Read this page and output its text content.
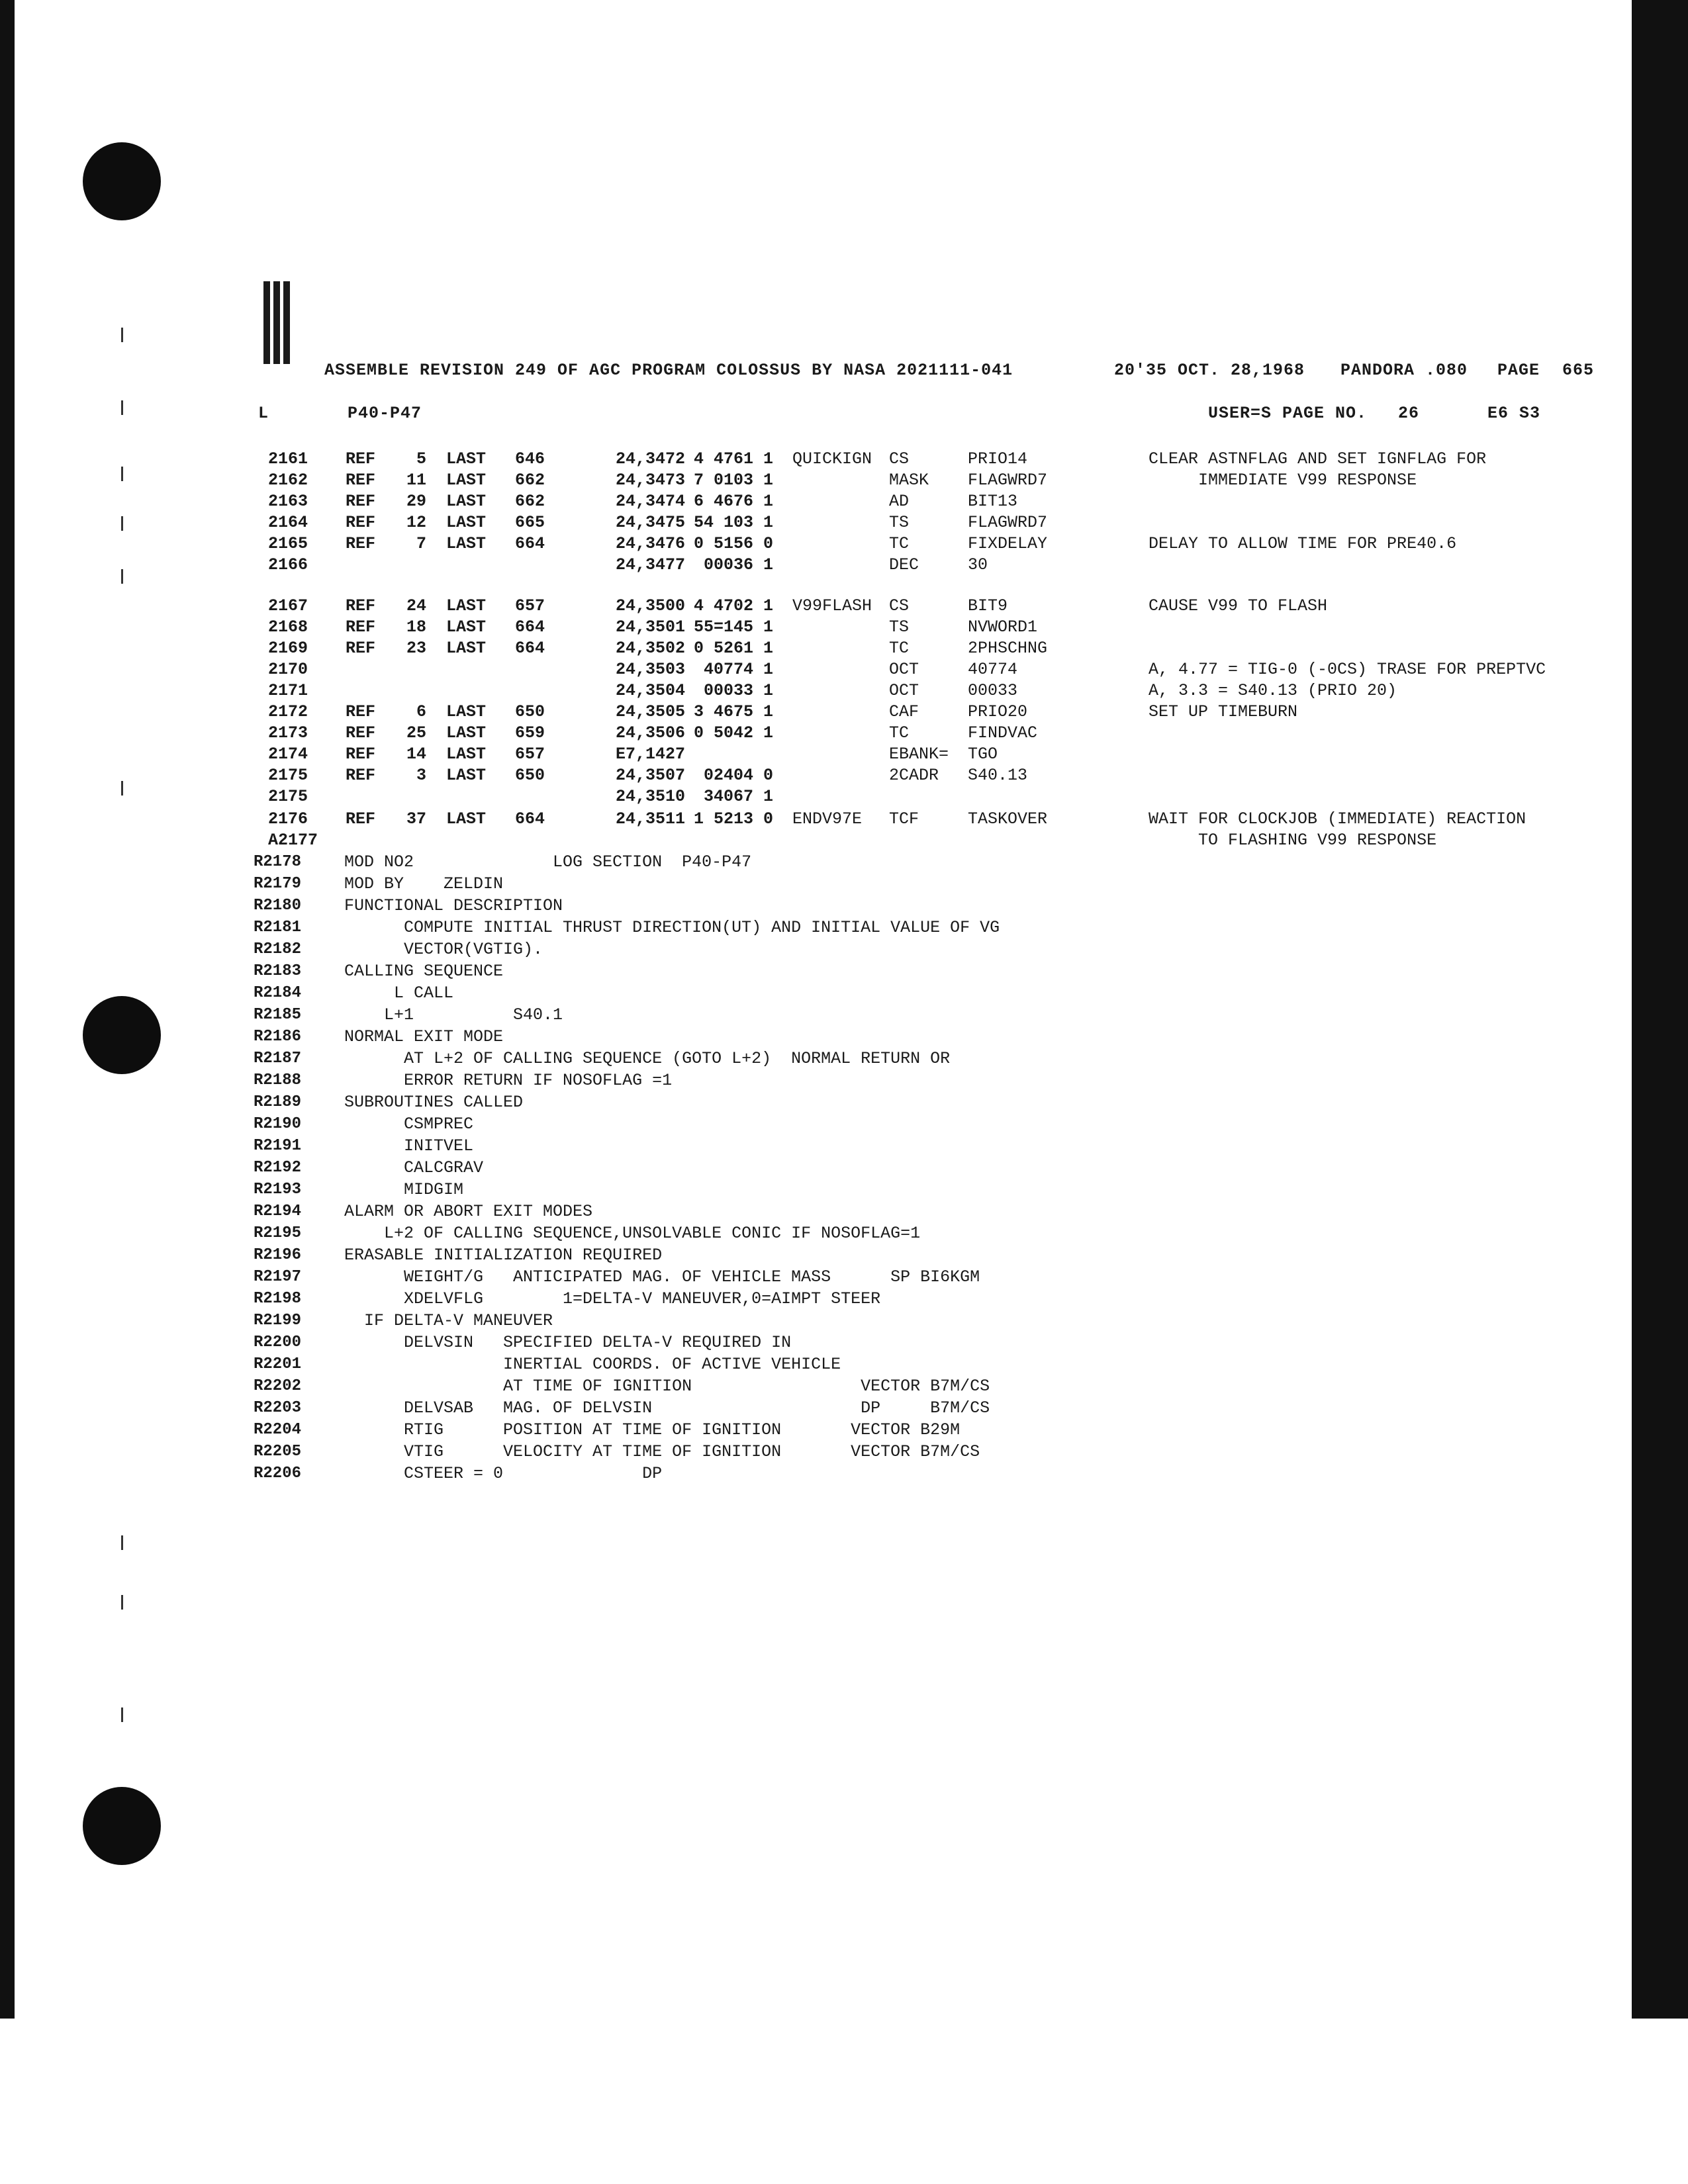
ASSEMBLE REVISION 249 OF AGC PROGRAM COLOSSUS BY NASA 2021111-041	20'35 OCT. 28,1968 PANDORA .080 PAGE 665
L	P40-P47	USER=S PAGE NO. 26	E6 S3
2161 REF	5 LAST 646	24,3472 4 4761 1 QUICKIGN CS	PRIO14	CLEAR ASTNFLAG AND SET IGNFLAG FOR
2162 REF 11 LAST 662	24,3473 7 0103 1	MASK FLAGWRD7	IMMEDIATE V99 RESPONSE
2163 REF 29 LAST 662	24,3474 6 4676 1	AD	BIT13
2164 REF 12 LAST 665	24,3475 54 103 1	TS	FLAGWRD7
2165 REF	7 LAST 664	24,3476 0 5156 0	TC	FIXDELAY	DELAY TO ALLOW TIME FOR PRE40.6
2166	24,3477	00036 1	DEC	30
2167 REF 24 LAST 657	24,3500 4 4702 1 V99FLASH CS	BIT9	CAUSE V99 TO FLASH
2168 REF 18 LAST 664	24,3501 55=145 1	TS	NVWORD1
2169 REF 23 LAST 664	24,3502 0 5261 1	TC	2PHSCHNG
2170	24,3503	40774 1	OCT	40774	A, 4.77 = TIG-0 (-0CS) TRASE FOR PREPTVC
2171	24,3504	00033 1	OCT	00033	A, 3.3 = S40.13 (PRIO 20)
2172 REF	6 LAST 650	24,3505 3 4675 1	CAF	PRIO20	SET UP TIMEBURN
2173 REF 25 LAST 659	24,3506 0 5042 1	TC	FINDVAC
2174 REF 14 LAST 657	E7,1427	EBANK= TGO
2175 REF	3 LAST 650	24,3507	02404 0	2CADR S40.13
2175	24,3510	34067 1
2176 REF 37 LAST 664	24,3511 1 5213 0 ENDV97E TCF	TASKOVER	WAIT FOR CLOCKJOB (IMMEDIATE) REACTION
A2177	TO FLASHING V99 RESPONSE
R2178	MOD NO2              LOG SECTION  P40-P47
R2179	MOD BY    ZELDIN
R2180	FUNCTIONAL DESCRIPTION
R2181	COMPUTE INITIAL THRUST DIRECTION(UT) AND INITIAL VALUE OF VG
R2182	VECTOR(VGTIG).
R2183	CALLING SEQUENCE
R2184	L CALL
R2185	L+1          S40.1
R2186	NORMAL EXIT MODE
R2187	AT L+2 OF CALLING SEQUENCE (GOTO L+2)  NORMAL RETURN OR
R2188	ERROR RETURN IF NOSOFLAG =1
R2189	SUBROUTINES CALLED
R2190	CSMPREC
R2191	INITVEL
R2192	CALCGRAV
R2193	MIDGIM
R2194	ALARM OR ABORT EXIT MODES
R2195	L+2 OF CALLING SEQUENCE,UNSOLVABLE CONIC IF NOSOFLAG=1
R2196	ERASABLE INITIALIZATION REQUIRED
R2197	WEIGHT/G   ANTICIPATED MAG. OF VEHICLE MASS      SP BI6KGM
R2198	XDELVFLG        1=DELTA-V MANEUVER,0=AIMPT STEER
R2199	IF DELTA-V MANEUVER
R2200	DELVSIN   SPECIFIED DELTA-V REQUIRED IN
R2201	INERTIAL COORDS. OF ACTIVE VEHICLE
R2202	AT TIME OF IGNITION                 VECTOR B7M/CS
R2203	DELVSAB   MAG. OF DELVSIN                     DP     B7M/CS
R2204	RTIG      POSITION AT TIME OF IGNITION       VECTOR B29M
R2205	VTIG      VELOCITY AT TIME OF IGNITION       VECTOR B7M/CS
R2206	CSTEER = 0              DP
